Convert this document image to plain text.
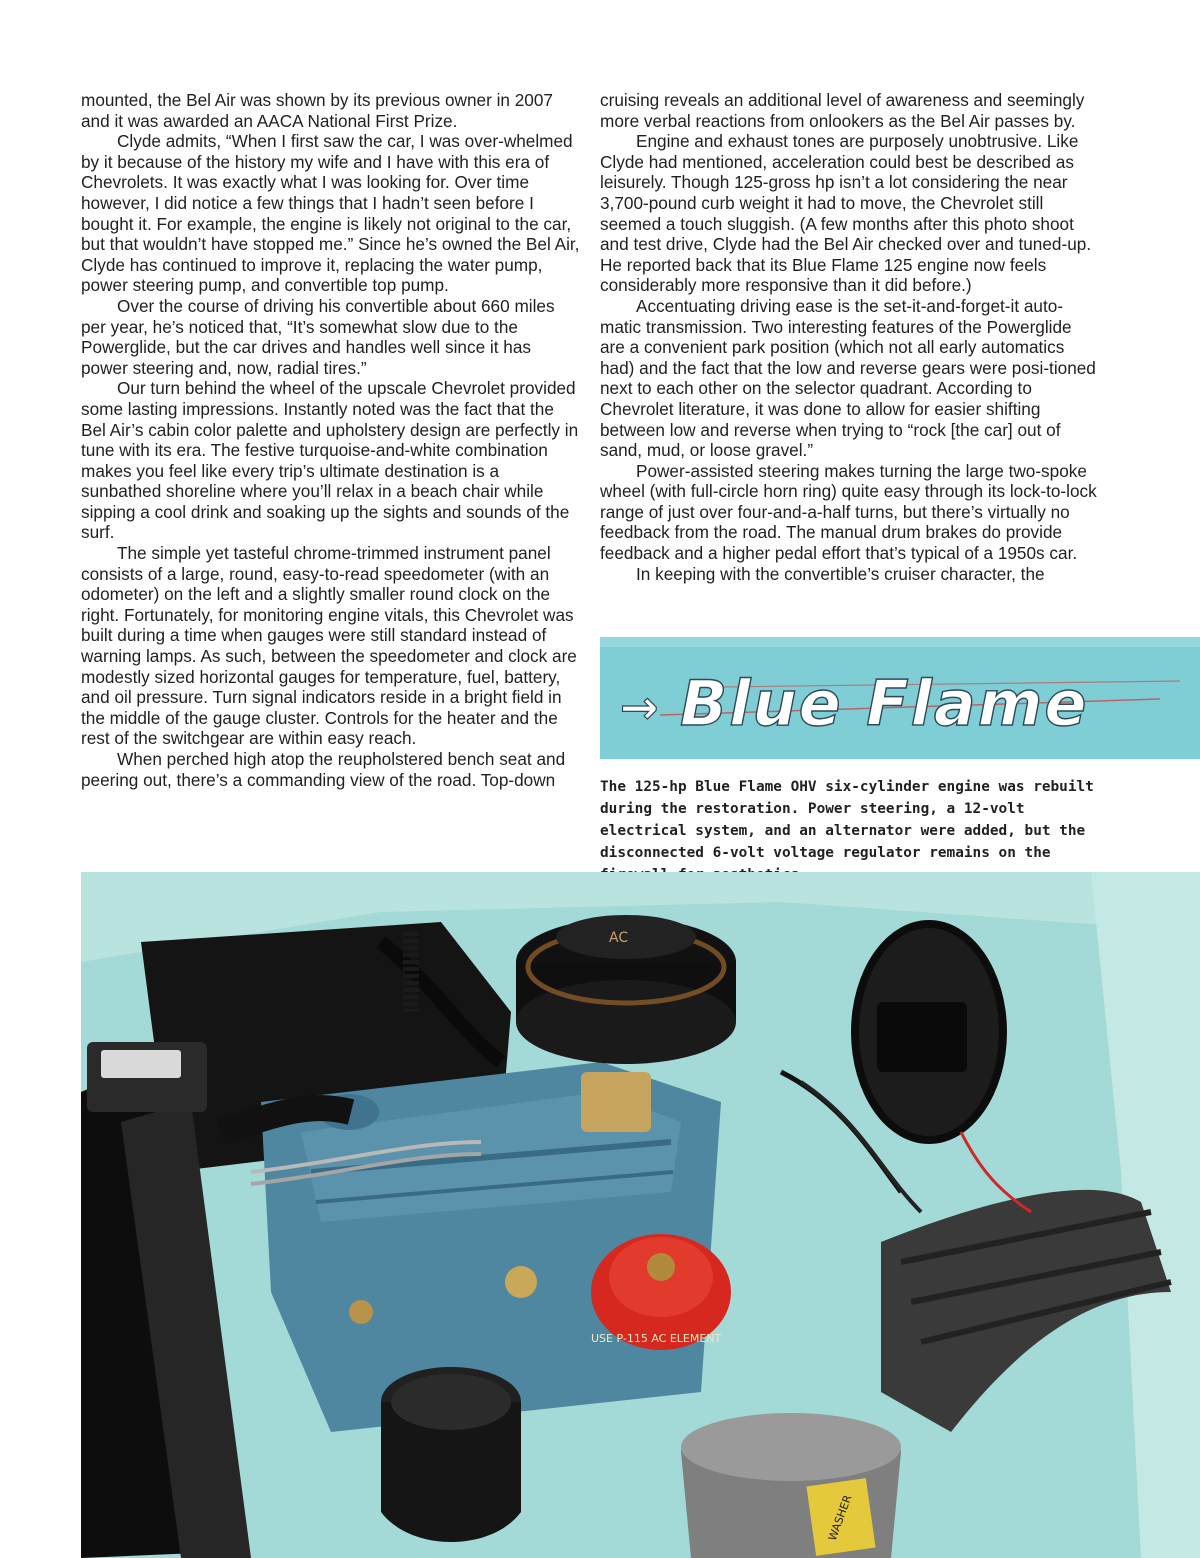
mounted, the Bel Air was shown by its previous owner in 2007 and it was awarded an AACA National First Prize.

Clyde admits, “When I first saw the car, I was over-whelmed by it because of the history my wife and I have with this era of Chevrolets. It was exactly what I was looking for. Over time however, I did notice a few things that I hadn’t seen before I bought it. For example, the engine is likely not original to the car, but that wouldn’t have stopped me.” Since he’s owned the Bel Air, Clyde has continued to improve it, replacing the water pump, power steering pump, and convertible top pump.

Over the course of driving his convertible about 660 miles per year, he’s noticed that, “It’s somewhat slow due to the Powerglide, but the car drives and handles well since it has power steering and, now, radial tires.”

Our turn behind the wheel of the upscale Chevrolet provided some lasting impressions. Instantly noted was the fact that the Bel Air’s cabin color palette and upholstery design are perfectly in tune with its era. The festive turquoise-and-white combination makes you feel like every trip’s ultimate destination is a sunbathed shoreline where you’ll relax in a beach chair while sipping a cool drink and soaking up the sights and sounds of the surf.

The simple yet tasteful chrome-trimmed instrument panel consists of a large, round, easy-to-read speedometer (with an odometer) on the left and a slightly smaller round clock on the right. Fortunately, for monitoring engine vitals, this Chevrolet was built during a time when gauges were still standard instead of warning lamps. As such, between the speedometer and clock are modestly sized horizontal gauges for temperature, fuel, battery, and oil pressure. Turn signal indicators reside in a bright field in the middle of the gauge cluster. Controls for the heater and the rest of the switchgear are within easy reach.

When perched high atop the reupholstered bench seat and peering out, there’s a commanding view of the road. Top-down

cruising reveals an additional level of awareness and seemingly more verbal reactions from onlookers as the Bel Air passes by.

Engine and exhaust tones are purposely unobtrusive. Like Clyde had mentioned, acceleration could best be described as leisurely. Though 125-gross hp isn’t a lot considering the near 3,700-pound curb weight it had to move, the Chevrolet still seemed a touch sluggish. (A few months after this photo shoot and test drive, Clyde had the Bel Air checked over and tuned-up. He reported back that its Blue Flame 125 engine now feels considerably more responsive than it did before.)

Accentuating driving ease is the set-it-and-forget-it auto-matic transmission. Two interesting features of the Powerglide are a convenient park position (which not all early automatics had) and the fact that the low and reverse gears were posi-tioned next to each other on the selector quadrant. According to Chevrolet literature, it was done to allow for easier shifting between low and reverse when trying to “rock [the car] out of sand, mud, or loose gravel.”

Power-assisted steering makes turning the large two-spoke wheel (with full-circle horn ring) quite easy through its lock-to-lock range of just over four-and-a-half turns, but there’s virtually no feedback from the road. The manual drum brakes do provide feedback and a higher pedal effort that’s typical of a 1950s car.

In keeping with the convertible’s cruiser character, the

→ Blue Flame
The 125-hp Blue Flame OHV six-cylinder engine was rebuilt during the restoration. Power steering, a 12-volt electrical system, and an alternator were added, but the disconnected 6-volt voltage regulator remains on the
AC
USE P-115 AC ELEMENT
WASHER
